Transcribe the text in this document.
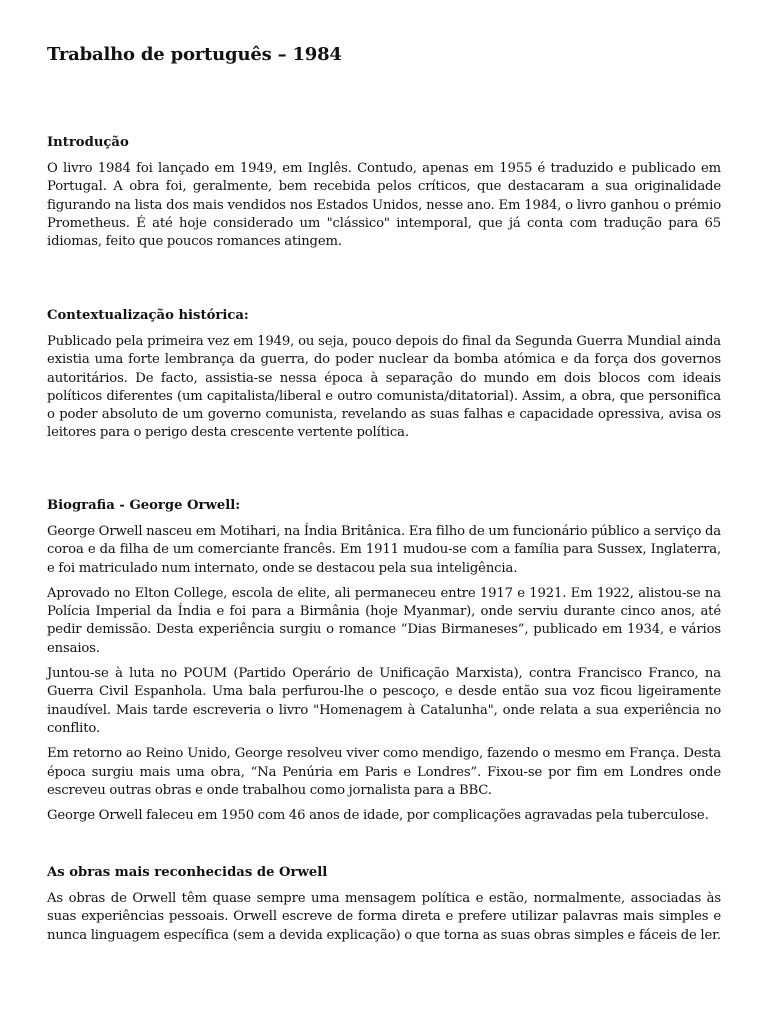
Trabalho de português – 1984
Introdução

O livro 1984 foi lançado em 1949, em Inglês. Contudo, apenas em 1955 é traduzido e publicado em Portugal. A obra foi, geralmente, bem recebida pelos críticos, que destacaram a sua originalidade figurando na lista dos mais vendidos nos Estados Unidos, nesse ano. Em 1984, o livro ganhou o prémio Prometheus. É até hoje considerado um "clássico" intemporal, que já conta com tradução para 65 idiomas, feito que poucos romances atingem.

Contextualização histórica:

Publicado pela primeira vez em 1949, ou seja, pouco depois do final da Segunda Guerra Mundial ainda existia uma forte lembrança da guerra, do poder nuclear da bomba atómica e da força dos governos autoritários. De facto, assistia-se nessa época à separação do mundo em dois blocos com ideais políticos diferentes (um capitalista/liberal e outro comunista/ditatorial). Assim, a obra, que personifica o poder absoluto de um governo comunista, revelando as suas falhas e capacidade opressiva, avisa os leitores para o perigo desta crescente vertente política.

Biografia - George Orwell:

George Orwell nasceu em Motihari, na Índia Britânica. Era filho de um funcionário público a serviço da coroa e da filha de um comerciante francês. Em 1911 mudou-se com a família para Sussex, Inglaterra, e foi matriculado num internato, onde se destacou pela sua inteligência.

Aprovado no Elton College, escola de elite, ali permaneceu entre 1917 e 1921. Em 1922, alistou-se na Polícia Imperial da Índia e foi para a Birmânia (hoje Myanmar), onde serviu durante cinco anos, até pedir demissão. Desta experiência surgiu o romance “Dias Birmaneses”, publicado em 1934, e vários ensaios.

Juntou-se à luta no POUM (Partido Operário de Unificação Marxista), contra Francisco Franco, na Guerra Civil Espanhola. Uma bala perfurou-lhe o pescoço, e desde então sua voz ficou ligeiramente inaudível. Mais tarde escreveria o livro "Homenagem à Catalunha", onde relata a sua experiência no conflito.

Em retorno ao Reino Unido, George resolveu viver como mendigo, fazendo o mesmo em França. Desta época surgiu mais uma obra, “Na Penúria em Paris e Londres”. Fixou-se por fim em Londres onde escreveu outras obras e onde trabalhou como jornalista para a BBC.

George Orwell faleceu em 1950 com 46 anos de idade, por complicações agravadas pela tuberculose.

As obras mais reconhecidas de Orwell

As obras de Orwell têm quase sempre uma mensagem política e estão, normalmente, associadas às suas experiências pessoais. Orwell escreve de forma direta e prefere utilizar palavras mais simples e nunca linguagem específica (sem a devida explicação) o que torna as suas obras simples e fáceis de ler.
